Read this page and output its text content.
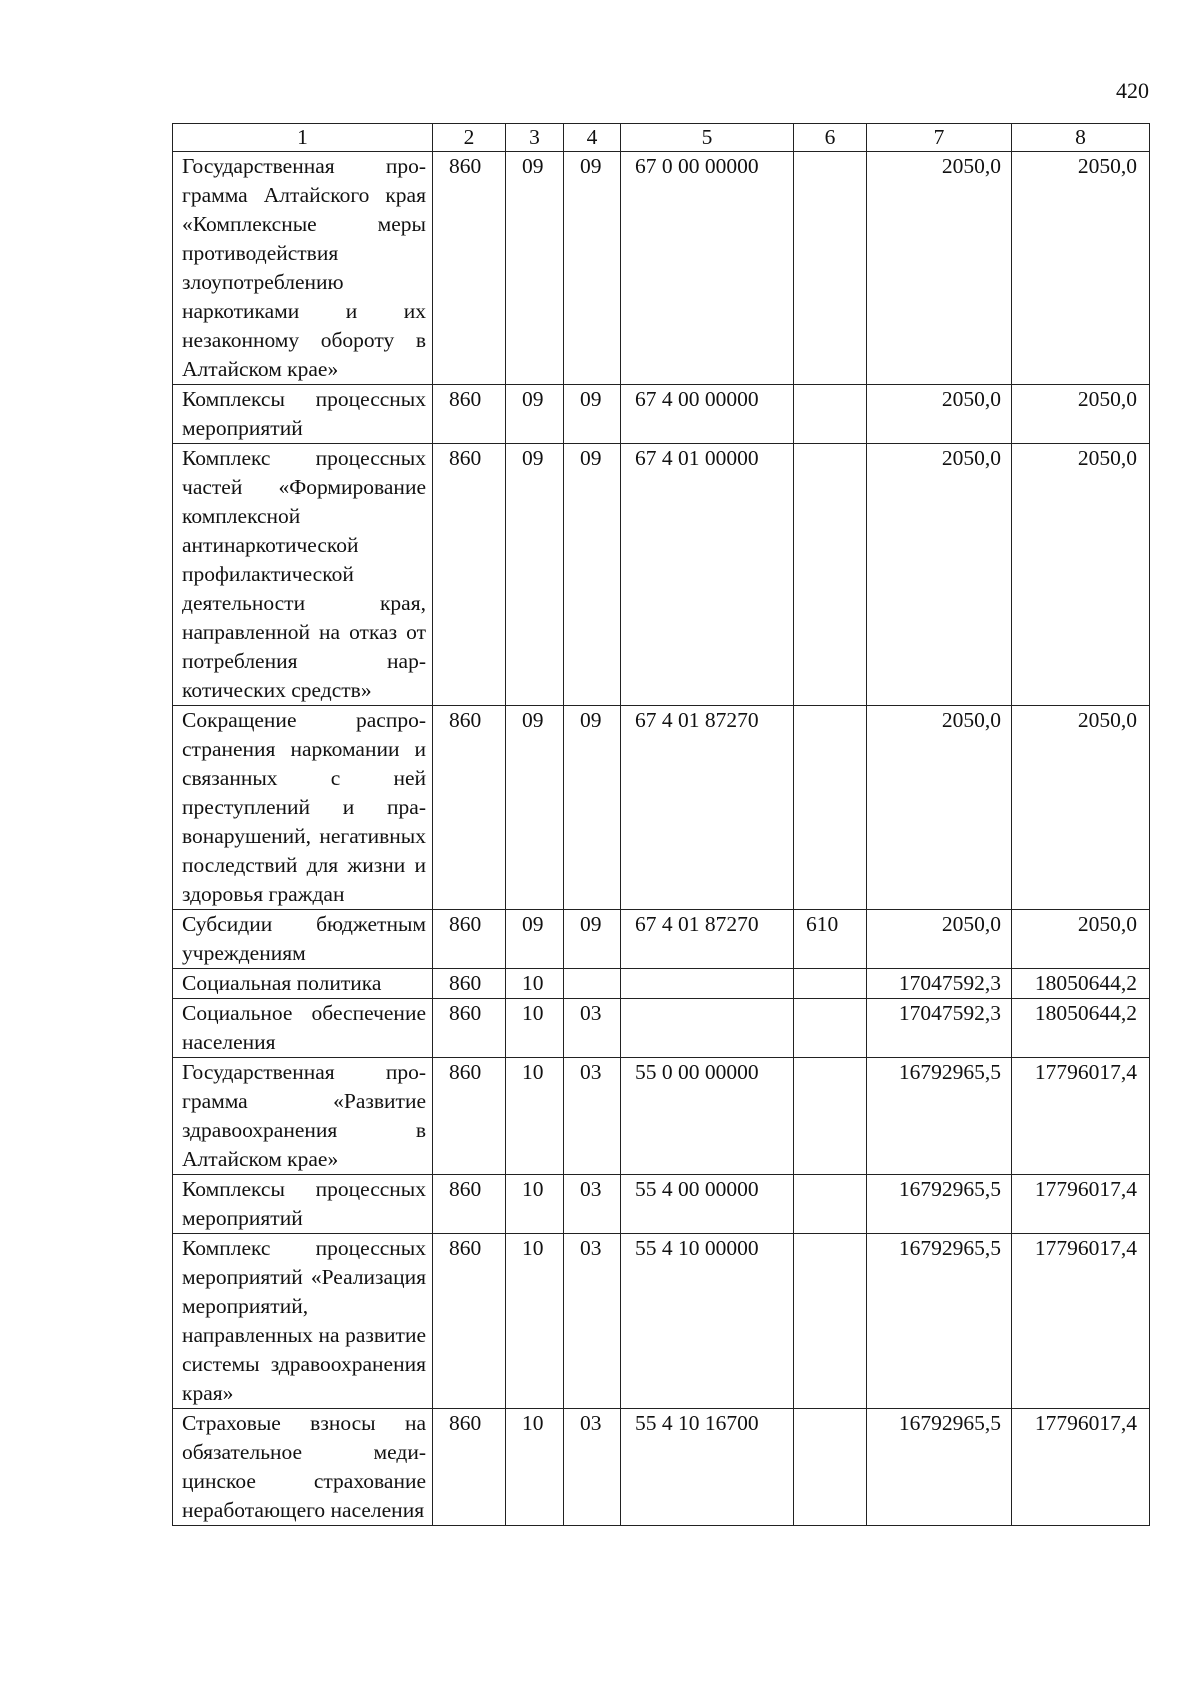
420
1	2	3	4	5	6	7	8
Государственная программа Алтайского края «Комплексные меры противодействия злоупотреблению наркотиками и их незаконному обороту в Алтайском крае»	860	09	09	67 0 00 00000		2050,0	2050,0
Комплексы процессных мероприятий	860	09	09	67 4 00 00000		2050,0	2050,0
Комплекс процессных частей «Формирование комплексной антинаркотической профилактической деятельности края, направленной на отказ от потребления наркотических средств»	860	09	09	67 4 01 00000		2050,0	2050,0
Сокращение распространения наркомании и связанных с ней преступлений и правонарушений, негативных последствий для жизни и здоровья граждан	860	09	09	67 4 01 87270		2050,0	2050,0
Субсидии бюджетным учреждениям	860	09	09	67 4 01 87270	610	2050,0	2050,0
Социальная политика	860	10				17047592,3	18050644,2
Социальное обеспечение населения	860	10	03			17047592,3	18050644,2
Государственная программа «Развитие здравоохранения в Алтайском крае»	860	10	03	55 0 00 00000		16792965,5	17796017,4
Комплексы процессных мероприятий	860	10	03	55 4 00 00000		16792965,5	17796017,4
Комплекс процессных мероприятий «Реализация мероприятий, направленных на развитие системы здравоохранения края»	860	10	03	55 4 10 00000		16792965,5	17796017,4
Страховые взносы на обязательное медицинское страхование неработающего населения	860	10	03	55 4 10 16700		16792965,5	17796017,4
